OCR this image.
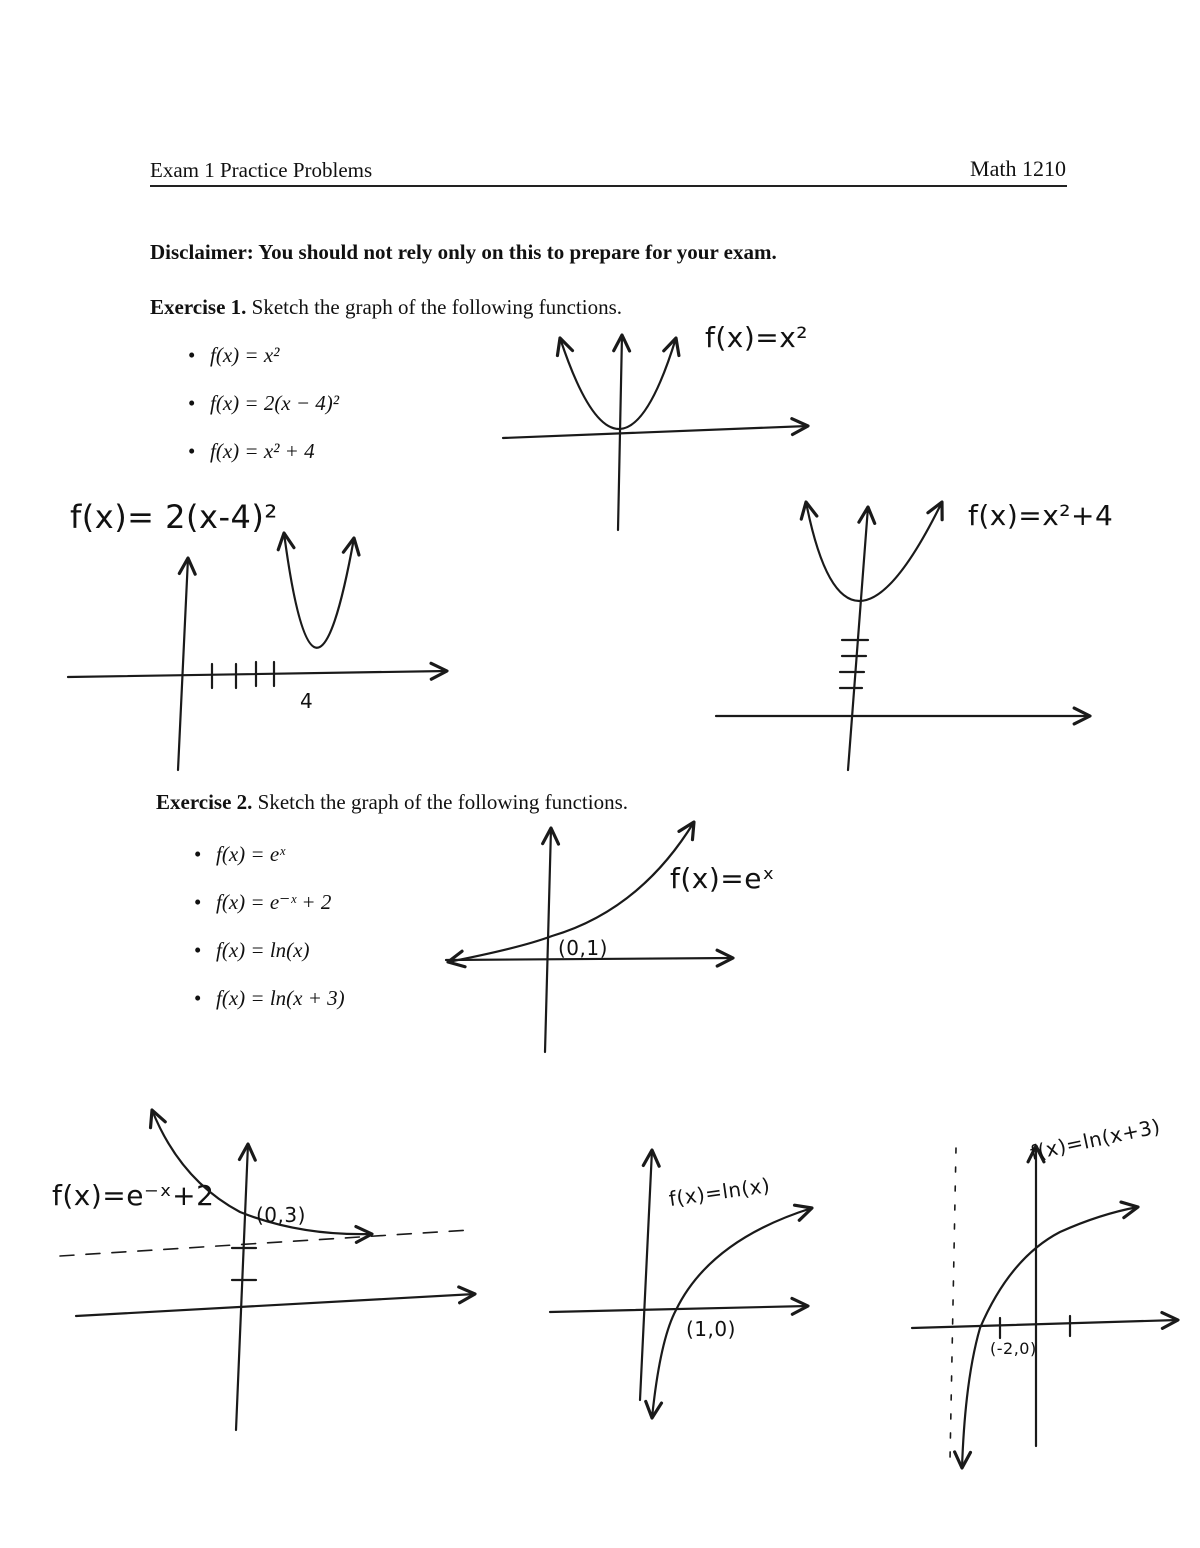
Exam 1 Practice Problems	Math 1210
Disclaimer: You should not rely only on this to prepare for your exam.
Exercise 1. Sketch the graph of the following functions.
• f(x) = x²
• f(x) = 2(x − 4)²
• f(x) = x² + 4
Exercise 2. Sketch the graph of the following functions.
• f(x) = eˣ
• f(x) = e⁻ˣ + 2
• f(x) = ln(x)
• f(x) = ln(x + 3)
f(x)=x²
f(x)= 2(x-4)²
4
f(x)=x²+4
f(x)=eˣ
(0,1)
f(x)=e⁻ˣ+2
(0,3)
f(x)=ln(x)
(1,0)
f(x)=ln(x+3)
(-2,0)
